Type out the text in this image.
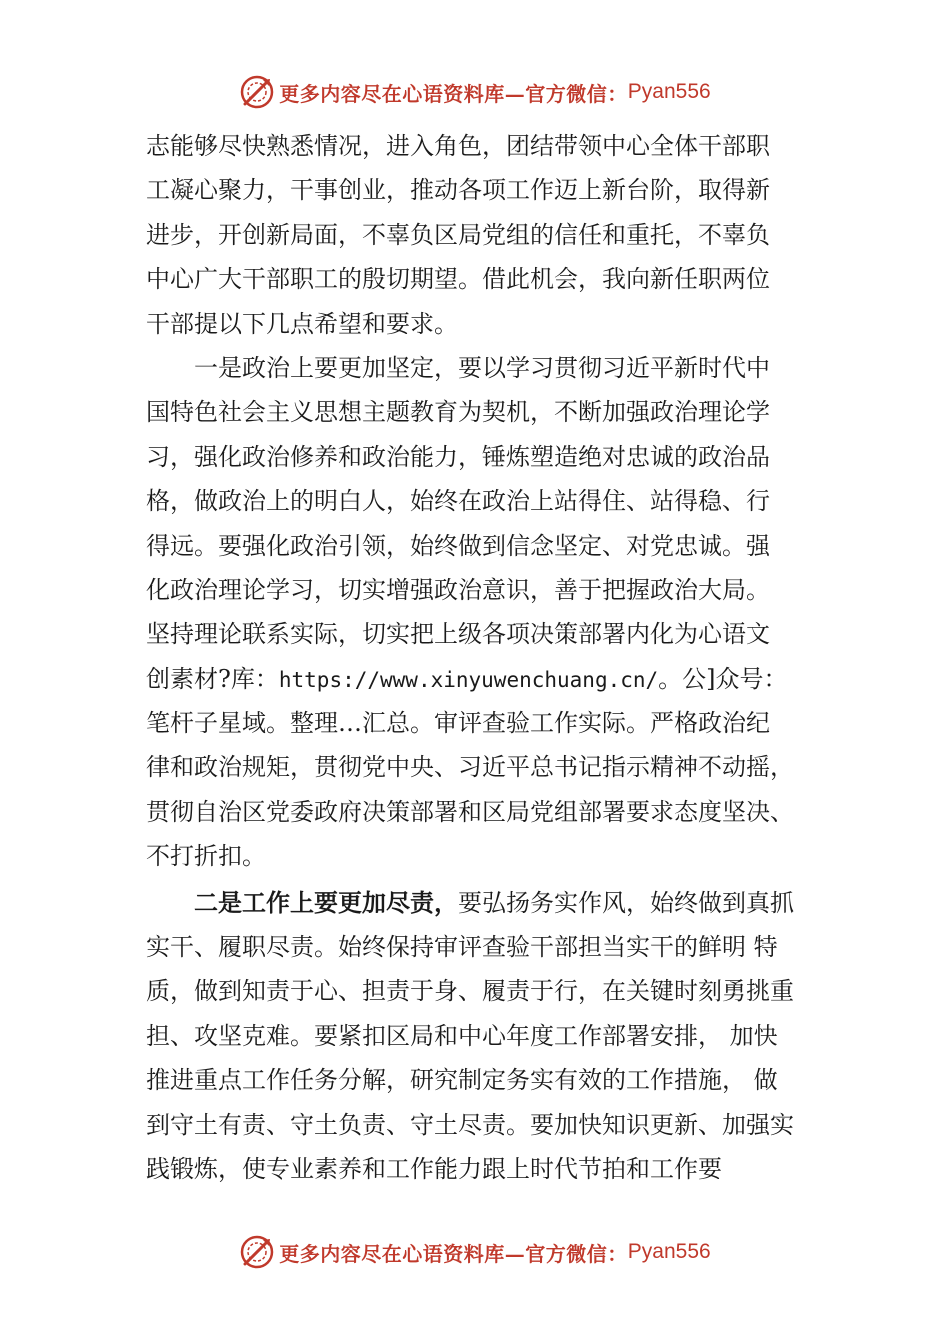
更多内容尽在心语资料库—官方微信： Pyan556
志能够尽快熟悉情况，进入角色，团结带领中心全体干部职
工凝心聚力，干事创业，推动各项工作迈上新台阶，取得新
进步，开创新局面，不辜负区局党组的信任和重托，不辜负
中心广大干部职工的殷切期望。借此机会，我向新任职两位
干部提以下几点希望和要求。
一是政治上要更加坚定，要以学习贯彻习近平新时代中
国特色社会主义思想主题教育为契机，不断加强政治理论学
习，强化政治修养和政治能力，锤炼塑造绝对忠诚的政治品
格，做政治上的明白人，始终在政治上站得住、站得稳、行
得远。要强化政治引领，始终做到信念坚定、对党忠诚。强
化政治理论学习，切实增强政治意识，善于把握政治大局。
坚持理论联系实际，切实把上级各项决策部署内化为心语文
创素材?库：https://www.xinyuwenchuang.cn/。公]众号：
笔杆子星域。整理…汇总。审评查验工作实际。严格政治纪
律和政治规矩，贯彻党中央、习近平总书记指示精神不动摇，
贯彻自治区党委政府决策部署和区局党组部署要求态度坚决、
不打折扣。
二是工作上要更加尽责，要弘扬务实作风，始终做到真抓
实干、履职尽责。始终保持审评查验干部担当实干的鲜明 特
质，做到知责于心、担责于身、履责于行，在关键时刻勇挑重
担、攻坚克难。要紧扣区局和中心年度工作部署安排， 加快
推进重点工作任务分解，研究制定务实有效的工作措施， 做
到守土有责、守土负责、守土尽责。要加快知识更新、加强实
践锻炼，使专业素养和工作能力跟上时代节拍和工作要
更多内容尽在心语资料库—官方微信： Pyan556
